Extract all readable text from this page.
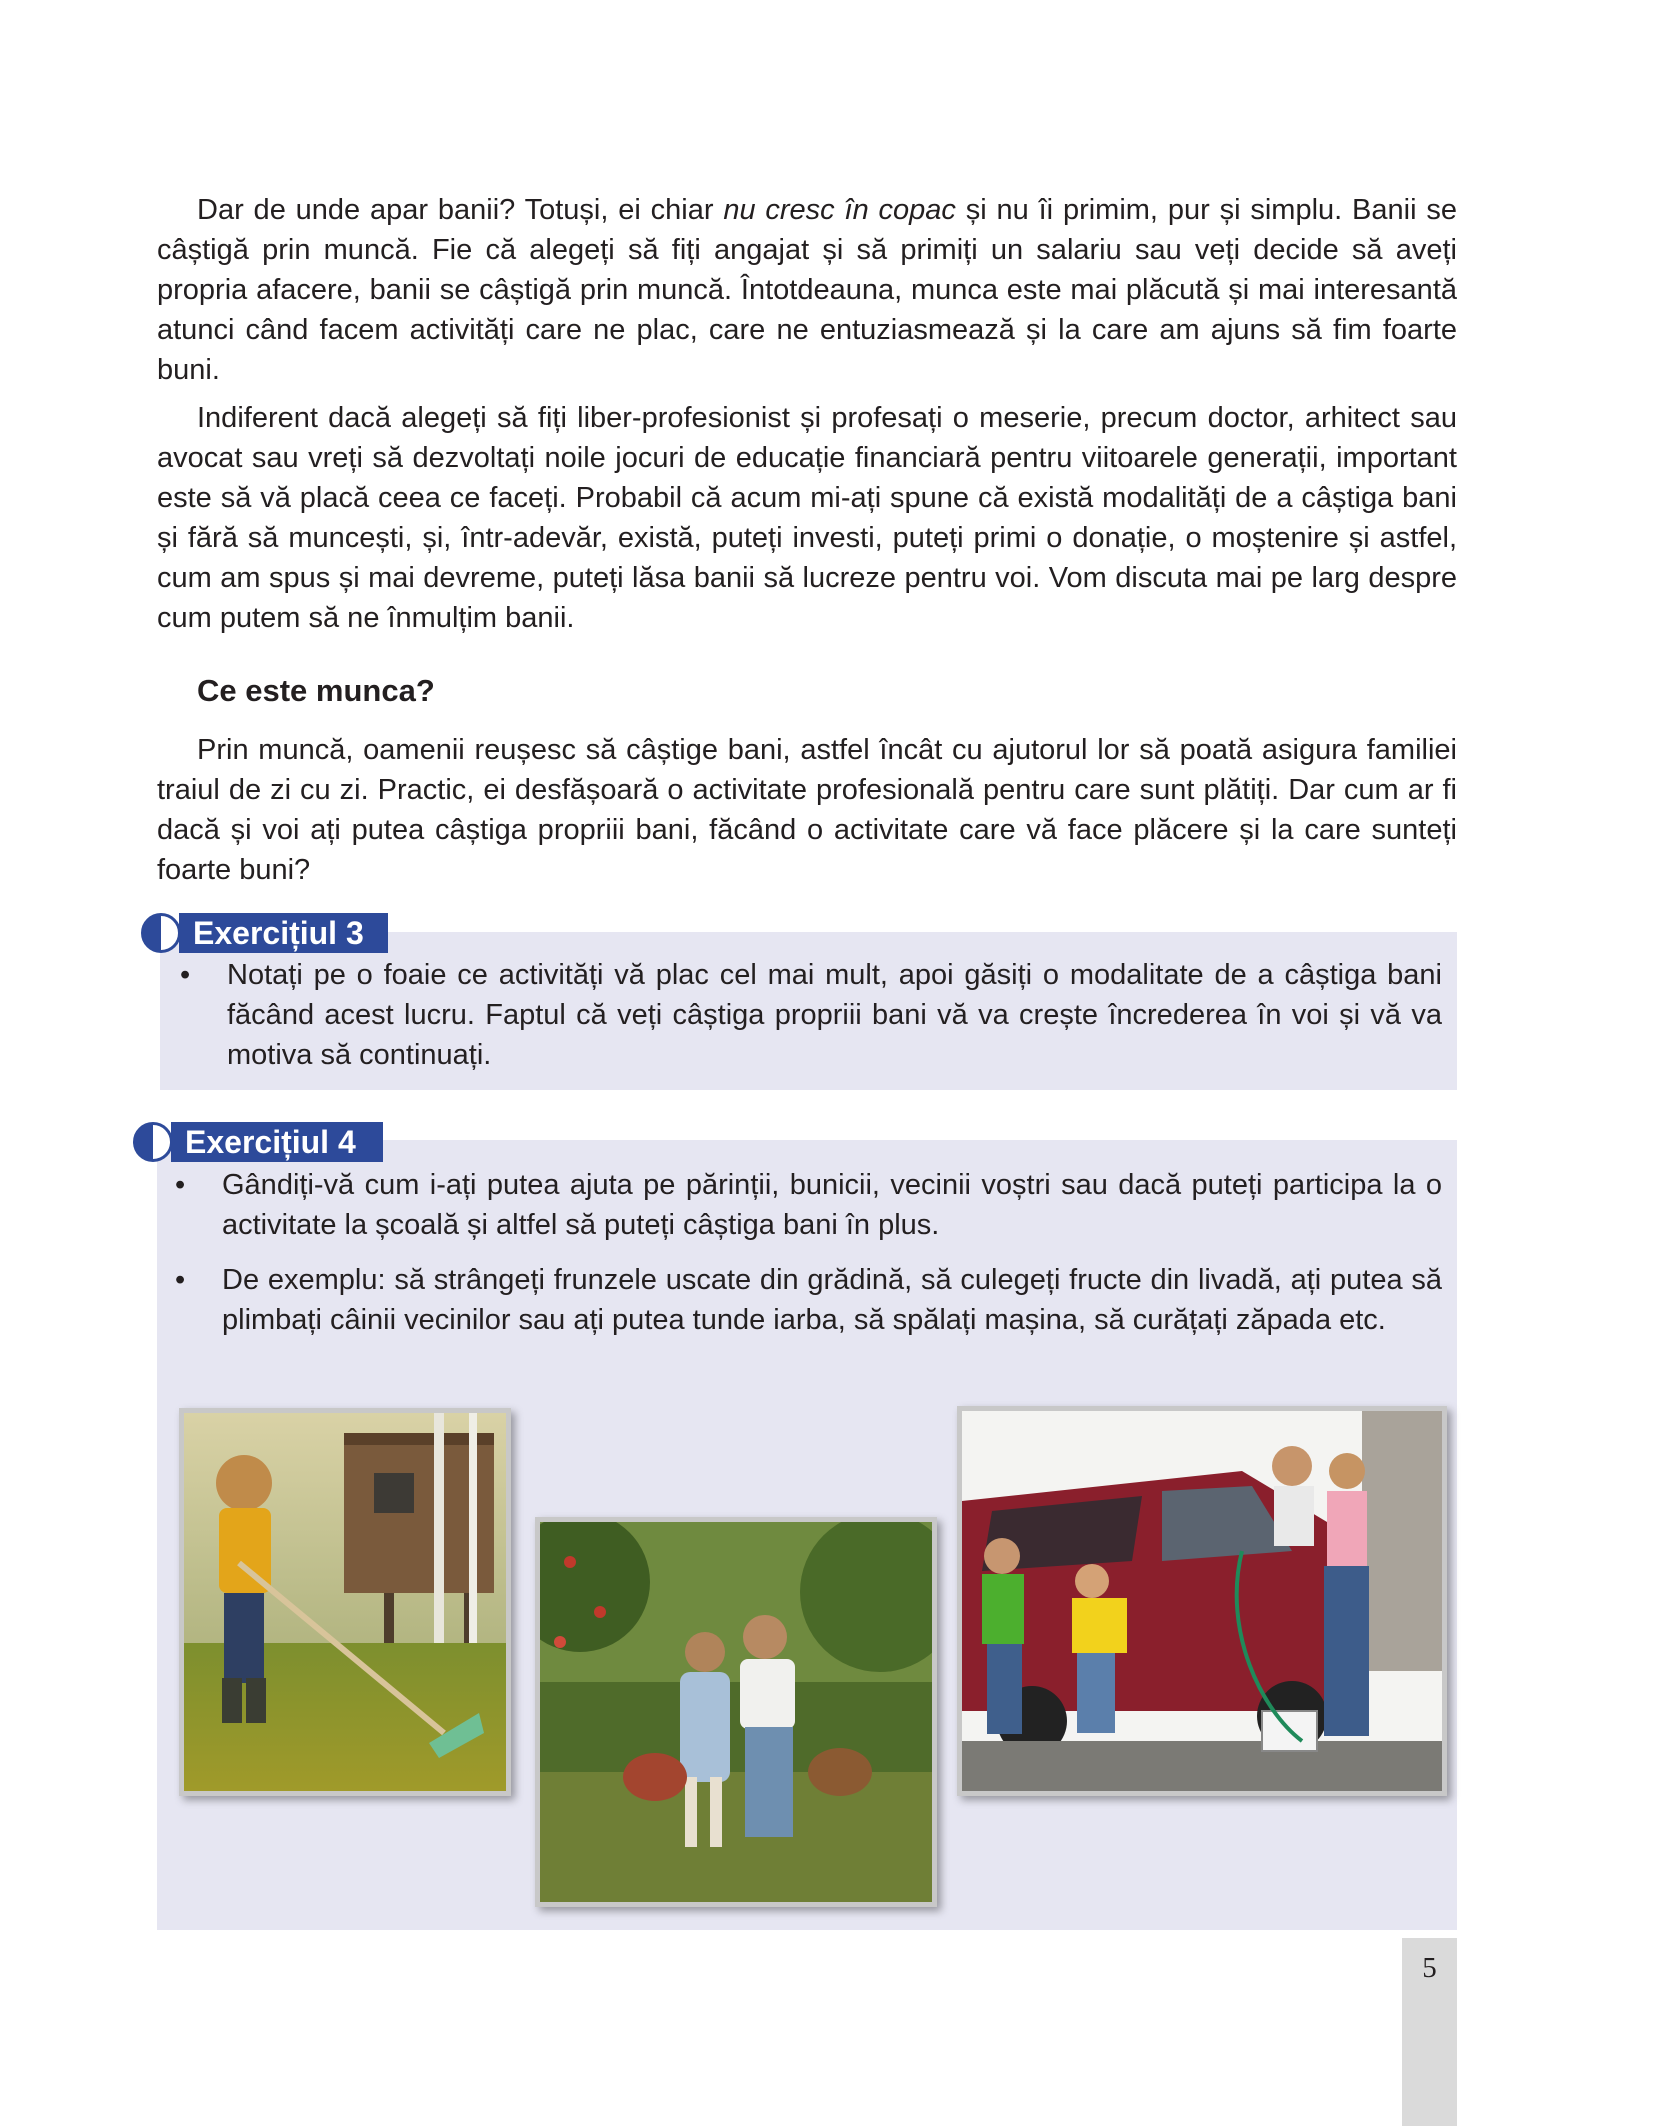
Dar de unde apar banii? Totuși, ei chiar nu cresc în copac și nu îi primim, pur și simplu. Banii se câștigă prin muncă. Fie că alegeți să fiți angajat și să primiți un salariu sau veți decide să aveți propria afacere, banii se câștigă prin muncă. Întotdeauna, munca este mai plăcută și mai interesantă atunci când facem activități care ne plac, care ne entuziasmează și la care am ajuns să fim foarte buni.

Indiferent dacă alegeți să fiți liber-profesionist și profesați o meserie, precum doctor, arhitect sau avocat sau vreți să dezvoltați noile jocuri de educație financiară pentru viitoarele generații, important este să vă placă ceea ce faceți. Probabil că acum mi-ați spune că există modalități de a câștiga bani și fără să muncești, și, într-adevăr, există, puteți investi, puteți primi o donație, o moștenire și astfel, cum am spus și mai devreme, puteți lăsa banii să lucreze pentru voi. Vom discuta mai pe larg despre cum putem să ne înmulțim banii.

Ce este munca?

Prin muncă, oamenii reușesc să câștige bani, astfel încât cu ajutorul lor să poată asigura familiei traiul de zi cu zi. Practic, ei desfășoară o activitate profesională pentru care sunt plătiți. Dar cum ar fi dacă și voi ați putea câștiga propriii bani, făcând o activitate care vă face plăcere și la care sunteți foarte buni?

Exercițiul 3
• Notați pe o foaie ce activități vă plac cel mai mult, apoi găsiți o modalitate de a câștiga bani făcând acest lucru. Faptul că veți câștiga propriii bani vă va crește încrederea în voi și vă va motiva să continuați.
Exercițiul 4
• Gândiți-vă cum i-ați putea ajuta pe părinții, bunicii, vecinii voștri sau dacă puteți participa la o activitate la școală și altfel să puteți câștiga bani în plus.
• De exemplu: să strângeți frunzele uscate din grădină, să culegeți fructe din livadă, ați putea să plimbați câinii vecinilor sau ați putea tunde iarba, să spălați mașina, să curățați zăpada etc.
5
